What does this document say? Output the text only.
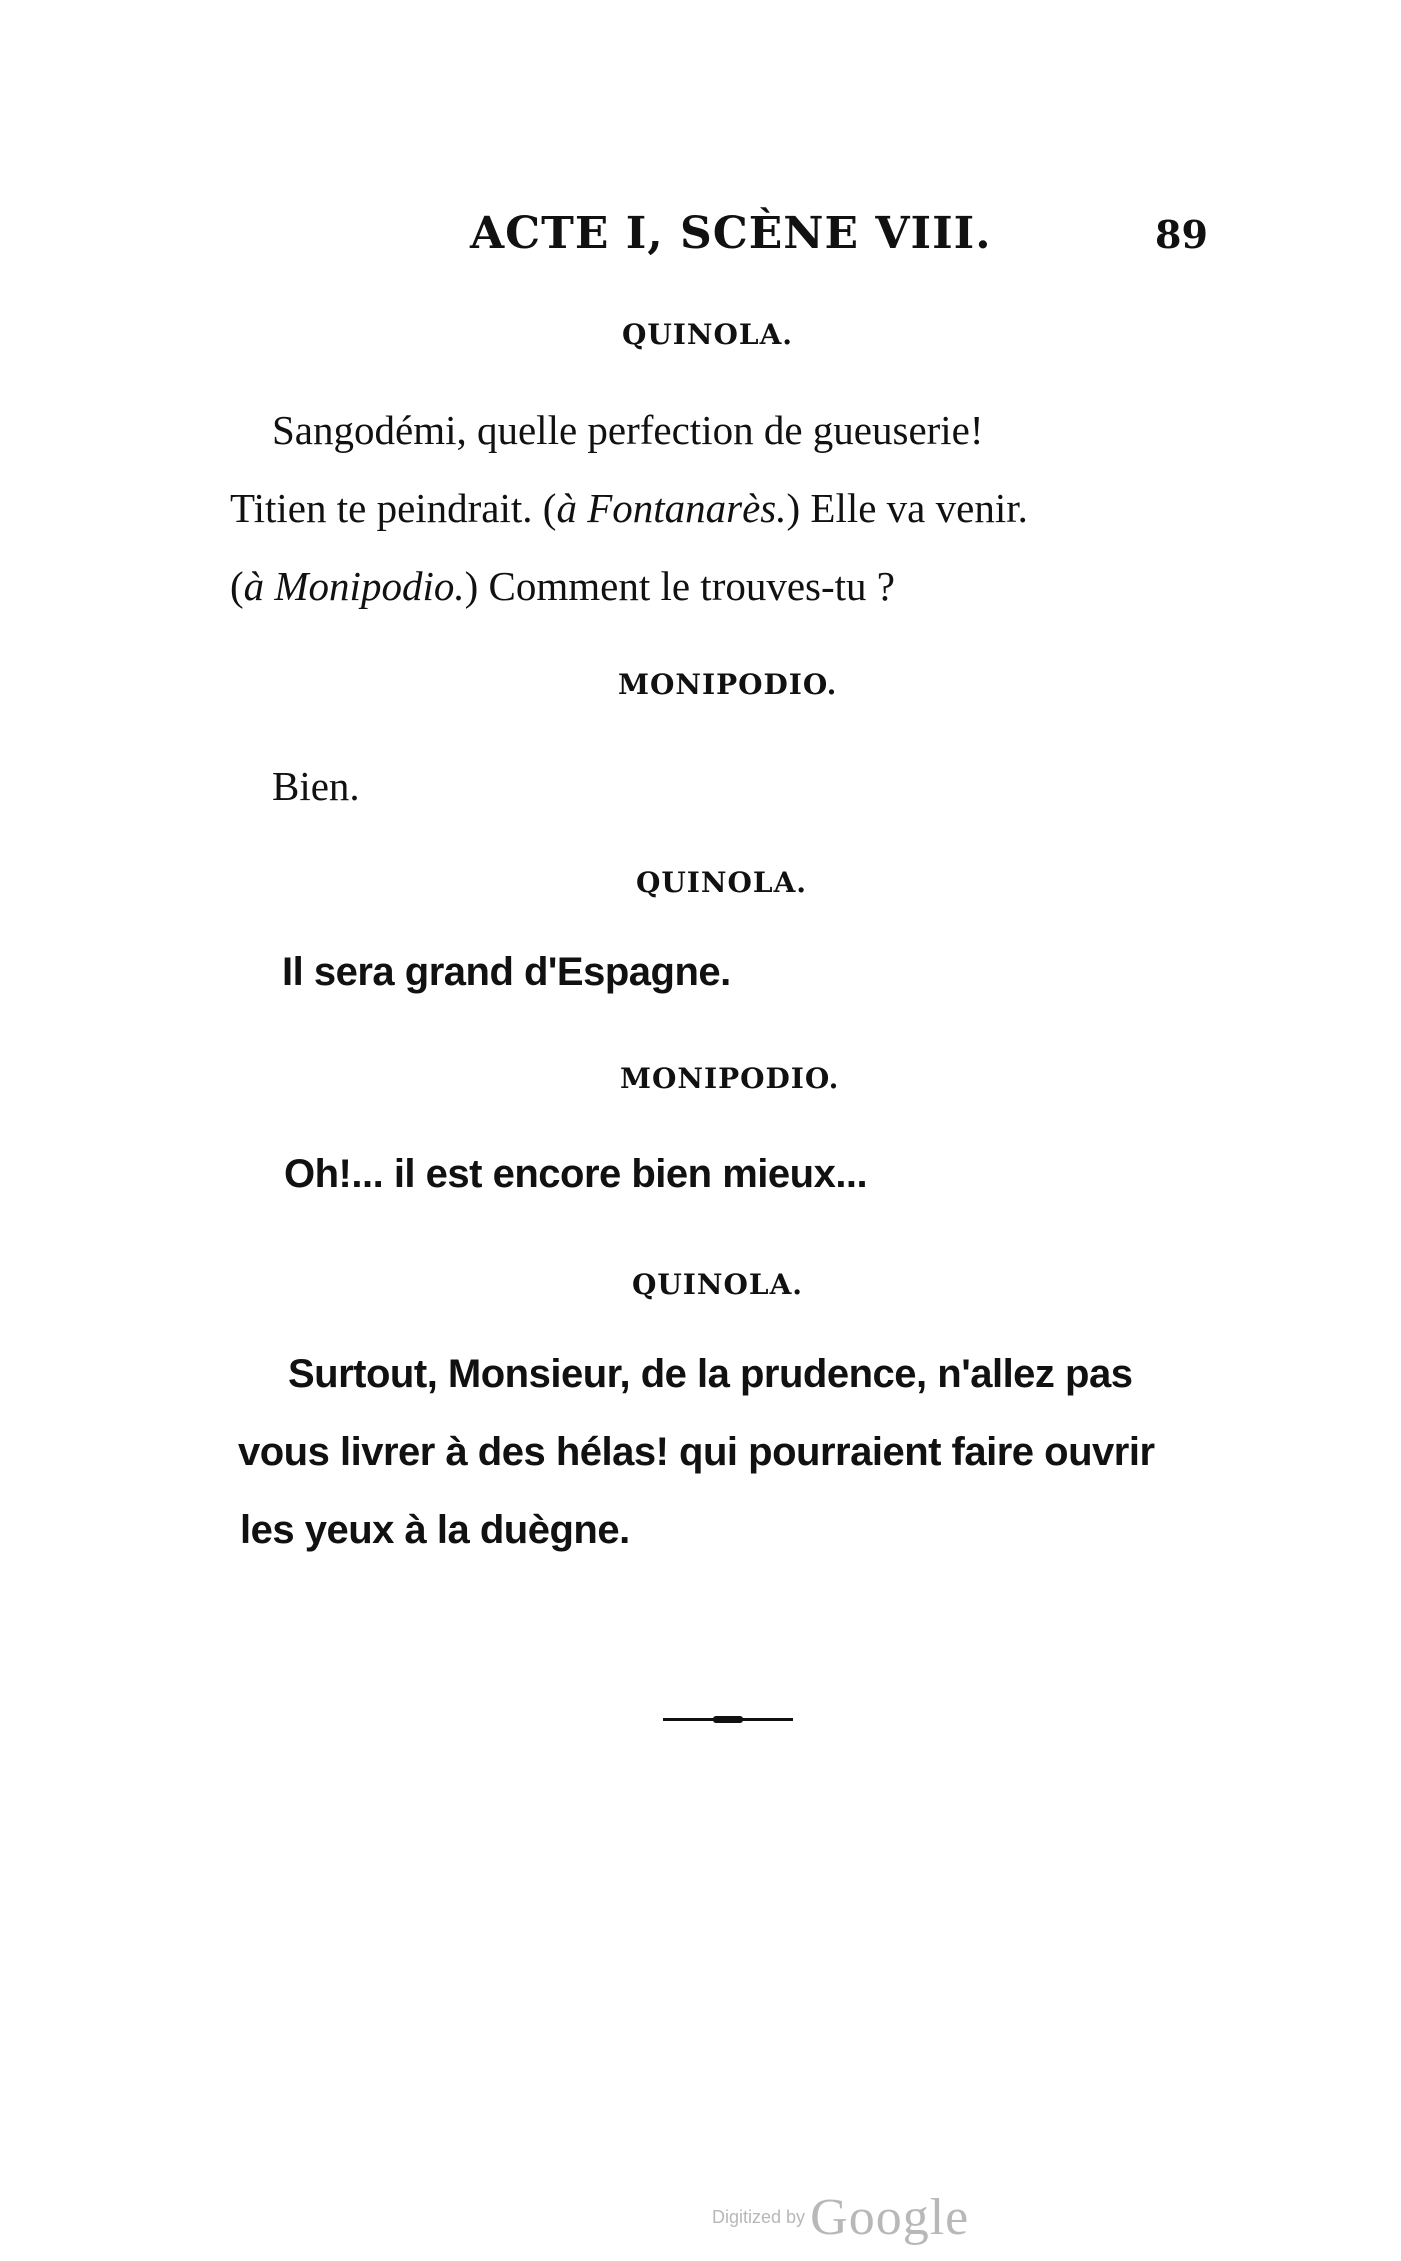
ACTE I, SCÈNE VIII.	89
QUINOLA.
Sangodémi, quelle perfection de gueuserie!
Titien te peindrait. (à Fontanarès.) Elle va venir.
(à Monipodio.) Comment le trouves-tu ?
MONIPODIO.
Bien.
QUINOLA.
Il sera grand d'Espagne.
MONIPODIO.
Oh!... il est encore bien mieux...
QUINOLA.
Surtout, Monsieur, de la prudence, n'allez pas
vous livrer à des hélas! qui pourraient faire ouvrir
les yeux à la duègne.
Digitized by Google
